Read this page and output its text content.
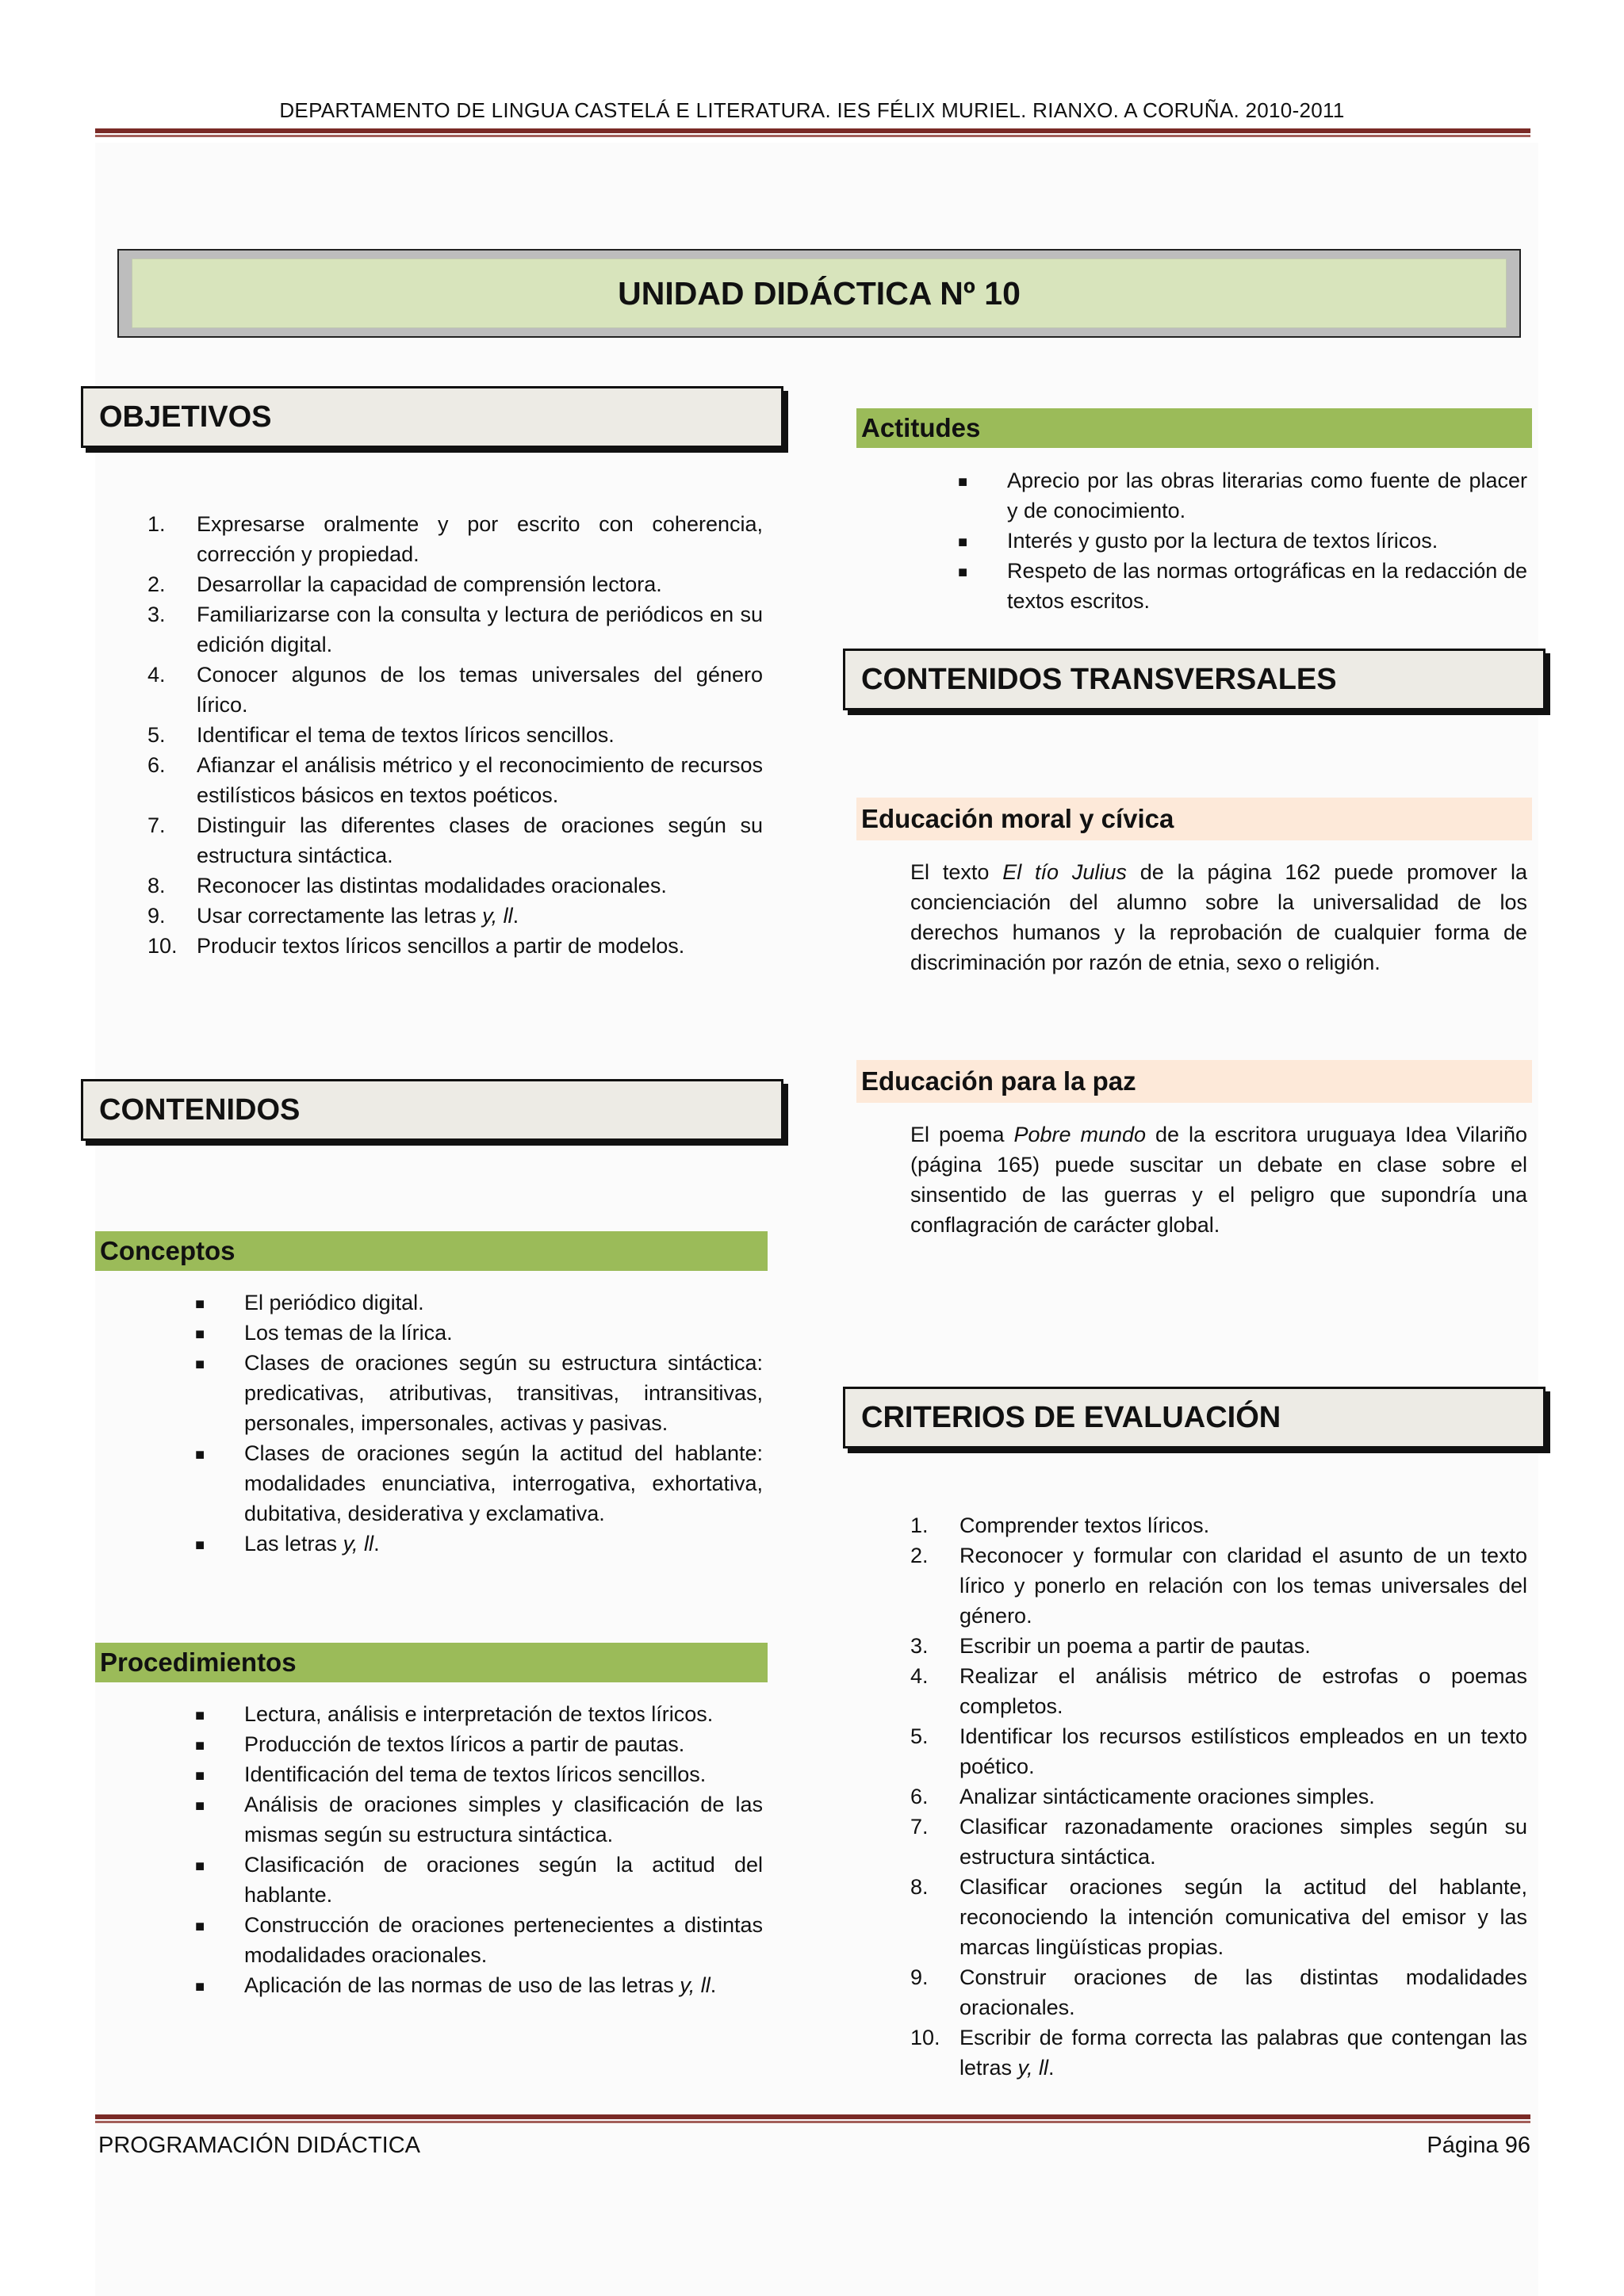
DEPARTAMENTO DE LINGUA CASTELÁ E LITERATURA. IES FÉLIX MURIEL. RIANXO. A CORUÑA. 2010-2011
UNIDAD DIDÁCTICA Nº 10
OBJETIVOS
1.	Expresarse oralmente y por escrito con coherencia, corrección y propiedad.
2.	Desarrollar la capacidad de comprensión lectora.
3.	Familiarizarse con la consulta y lectura de periódicos en su edición digital.
4.	Conocer algunos de los temas universales del género lírico.
5.	Identificar el tema de textos líricos sencillos.
6.	Afianzar el análisis métrico y el reconocimiento de recursos estilísticos básicos en textos poéticos.
7.	Distinguir las diferentes clases de oraciones según su estructura sintáctica.
8.	Reconocer las distintas modalidades oracionales.
9.	Usar correctamente las letras y, ll.
10. Producir textos líricos sencillos a partir de modelos.
CONTENIDOS
Conceptos
■ El periódico digital.
■ Los temas de la lírica.
■ Clases de oraciones según su estructura sintáctica: predicativas, atributivas, transitivas, intransitivas, personales, impersonales, activas y pasivas.
■ Clases de oraciones según la actitud del hablante: modalidades enunciativa, interrogativa, exhortativa, dubitativa, desiderativa y exclamativa.
■ Las letras y, ll.
Procedimientos
■ Lectura, análisis e interpretación de textos líricos.
■ Producción de textos líricos a partir de pautas.
■ Identificación del tema de textos líricos sencillos.
■ Análisis de oraciones simples y clasificación de las mismas según su estructura sintáctica.
■ Clasificación de oraciones según la actitud del hablante.
■ Construcción de oraciones pertenecientes a distintas modalidades oracionales.
■ Aplicación de las normas de uso de las letras y, ll.
Actitudes
■ Aprecio por las obras literarias como fuente de placer y de conocimiento.
■ Interés y gusto por la lectura de textos líricos.
■ Respeto de las normas ortográficas en la redacción de textos escritos.
CONTENIDOS TRANSVERSALES
Educación moral y cívica
El texto El tío Julius de la página 162 puede promover la concienciación del alumno sobre la universalidad de los derechos humanos y la reprobación de cualquier forma de discriminación por razón de etnia, sexo o religión.
Educación para la paz
El poema Pobre mundo de la escritora uruguaya Idea Vilariño (página 165) puede suscitar un debate en clase sobre el sinsentido de las guerras y el peligro que supondría una conflagración de carácter global.
CRITERIOS DE EVALUACIÓN
1.	Comprender textos líricos.
2.	Reconocer y formular con claridad el asunto de un texto lírico y ponerlo en relación con los temas universales del género.
3.	Escribir un poema a partir de pautas.
4.	Realizar el análisis métrico de estrofas o poemas completos.
5.	Identificar los recursos estilísticos empleados en un texto poético.
6.	Analizar sintácticamente oraciones simples.
7.	Clasificar razonadamente oraciones simples según su estructura sintáctica.
8.	Clasificar oraciones según la actitud del hablante, reconociendo la intención comunicativa del emisor y las marcas lingüísticas propias.
9.	Construir oraciones de las distintas modalidades oracionales.
10. Escribir de forma correcta las palabras que contengan las letras y, ll.
PROGRAMACIÓN DIDÁCTICA	Página 96
